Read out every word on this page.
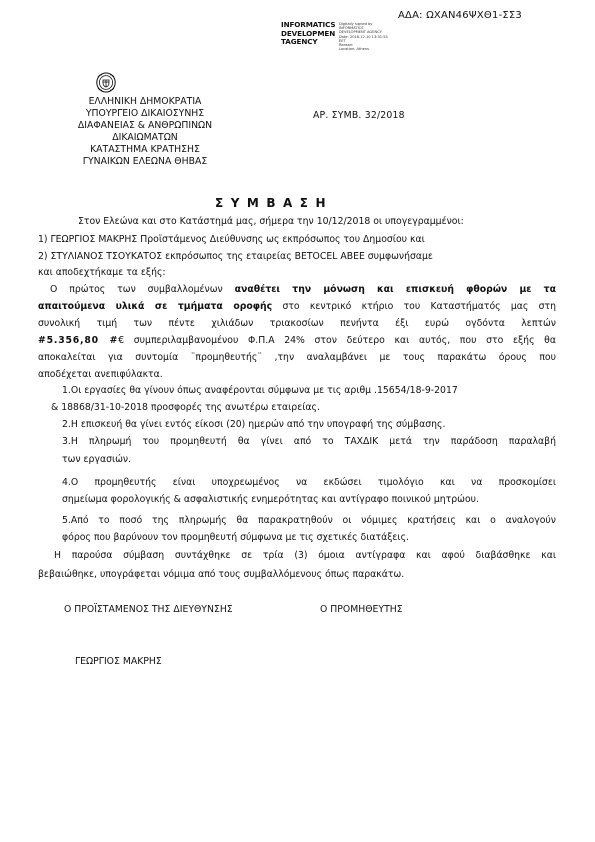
ΑΔΑ: ΩΧΑΝ46ΨΧΘ1-ΣΣ3
INFORMATICS
DEVELOPMEN
TAGENCY
Digitally signed by
INFORMATICS
DEVELOPMENT AGENCY
Date: 2018.12.10 13:31:55
EET
Reason:
Location: Athens
ΕΛΛΗΝΙΚΗ ΔΗΜΟΚΡΑΤΙΑ
ΥΠΟΥΡΓΕΙΟ ΔΙΚΑΙΟΣΥΝΗΣ
ΔΙΑΦΑΝΕΙΑΣ & ΑΝΘΡΩΠΙΝΩΝ
ΔΙΚΑΙΩΜΑΤΩΝ
ΚΑΤΑΣΤΗΜΑ ΚΡΑΤΗΣΗΣ
ΓΥΝΑΙΚΩΝ ΕΛΕΩΝΑ ΘΗΒΑΣ
ΑΡ. ΣΥΜΒ. 32/2018
ΣΥΜΒΑΣΗ
Στον Ελεώνα και στο Κατάστημά μας, σήμερα την 10/12/2018 οι υπογεγραμμένοι:
1) ΓΕΩΡΓΙΟΣ ΜΑΚΡΗΣ Προϊστάμενος Διεύθυνσης ως εκπρόσωπος του Δημοσίου και
2) ΣΤΥΛΙΑΝΟΣ ΤΣΟΥΚΑΤΟΣ εκπρόσωπος της εταιρείας BETOCEL ΑΒΕΕ συμφωνήσαμε
και αποδεχτήκαμε τα εξής:
Ο πρώτος των συμβαλλομένων αναθέτει την μόνωση και επισκευή φθορών με τα
απαιτούμενα υλικά σε τμήματα οροφής στο κεντρικό κτήριο του Καταστήματός μας στη
συνολική τιμή των πέντε χιλιάδων τριακοσίων πενήντα έξι ευρώ ογδόντα λεπτών
#5.356,80 #€ συμπεριλαμβανομένου Φ.Π.Α 24% στον δεύτερο και αυτός, που στο εξής θα
αποκαλείται για συντομία ¨προμηθευτής¨ ,την αναλαμβάνει με τους παρακάτω όρους που
αποδέχεται ανεπιφύλακτα.
1.Οι εργασίες θα γίνουν όπως αναφέρονται σύμφωνα με τις αριθμ .15654/18-9-2017
& 18868/31-10-2018 προσφορές της ανωτέρω εταιρείας.
2.Η επισκευή θα γίνει εντός είκοσι (20) ημερών από την υπογραφή της σύμβασης.
3.Η πληρωμή του προμηθευτή θα γίνει από το ΤΑΧΔΙΚ μετά την παράδοση παραλαβή
των εργασιών.
4.Ο προμηθευτής είναι υποχρεωμένος να εκδώσει τιμολόγιο και να προσκομίσει
σημείωμα φορολογικής & ασφαλιστικής ενημερότητας και αντίγραφο ποινικού μητρώου.
5.Από το ποσό της πληρωμής θα παρακρατηθούν οι νόμιμες κρατήσεις και ο αναλογούν
φόρος που βαρύνουν τον προμηθευτή σύμφωνα με τις σχετικές διατάξεις.
Η παρούσα σύμβαση συντάχθηκε σε τρία (3) όμοια αντίγραφα και αφού διαβάσθηκε και
βεβαιώθηκε, υπογράφεται νόμιμα από τους συμβαλλόμενους όπως παρακάτω.
Ο ΠΡΟΪΣΤΑΜΕΝΟΣ ΤΗΣ ΔΙΕΥΘΥΝΣΗΣ	Ο ΠΡΟΜΗΘΕΥΤΗΣ
ΓΕΩΡΓΙΟΣ ΜΑΚΡΗΣ
